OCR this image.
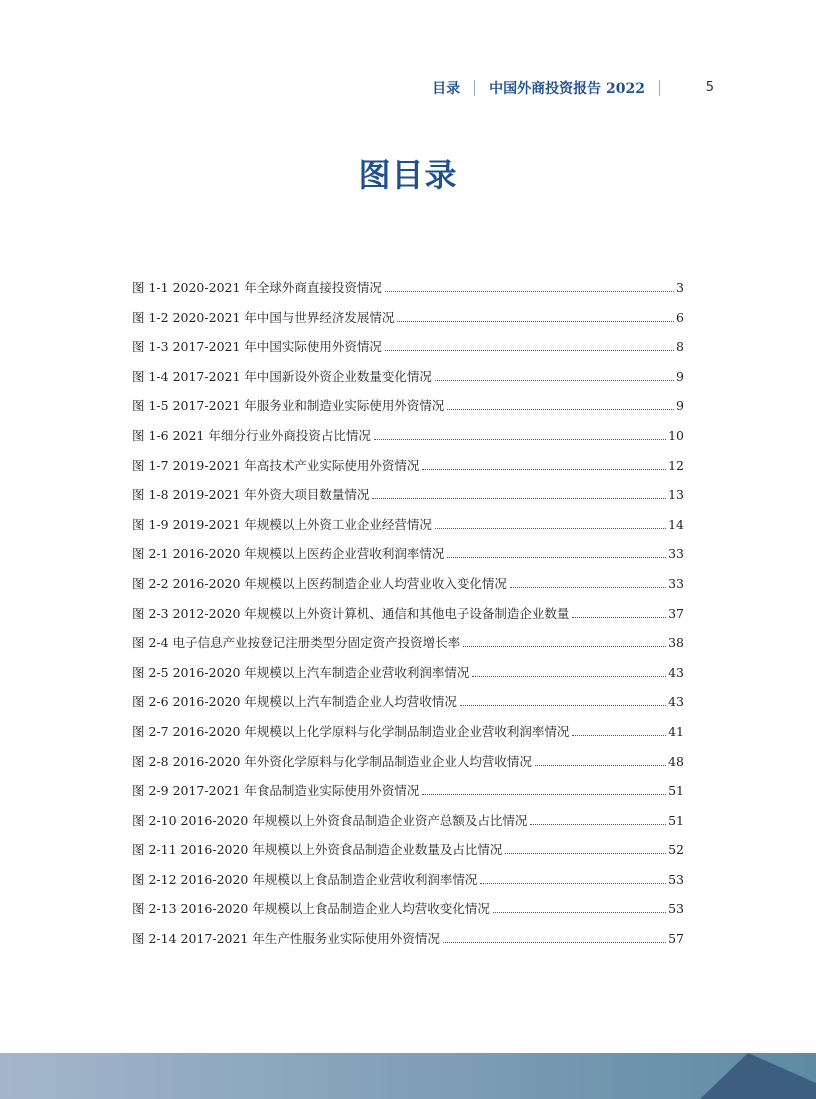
目录 中国外商投资报告 2022	5
图目录
图 1-1 2020-2021 年全球外商直接投资情况	3
图 1-2 2020-2021 年中国与世界经济发展情况	6
图 1-3 2017-2021 年中国实际使用外资情况	8
图 1-4 2017-2021 年中国新设外资企业数量变化情况	9
图 1-5 2017-2021 年服务业和制造业实际使用外资情况	9
图 1-6 2021 年细分行业外商投资占比情况	10
图 1-7 2019-2021 年高技术产业实际使用外资情况	12
图 1-8 2019-2021 年外资大项目数量情况	13
图 1-9 2019-2021 年规模以上外资工业企业经营情况	14
图 2-1 2016-2020 年规模以上医药企业营收利润率情况	33
图 2-2 2016-2020 年规模以上医药制造企业人均营业收入变化情况	33
图 2-3 2012-2020 年规模以上外资计算机、通信和其他电子设备制造企业数量	37
图 2-4 电子信息产业按登记注册类型分固定资产投资增长率	38
图 2-5 2016-2020 年规模以上汽车制造企业营收利润率情况	43
图 2-6 2016-2020 年规模以上汽车制造企业人均营收情况	43
图 2-7 2016-2020 年规模以上化学原料与化学制品制造业企业营收利润率情况	41
图 2-8 2016-2020 年外资化学原料与化学制品制造业企业人均营收情况	48
图 2-9 2017-2021 年食品制造业实际使用外资情况	51
图 2-10 2016-2020 年规模以上外资食品制造企业资产总额及占比情况	51
图 2-11 2016-2020 年规模以上外资食品制造企业数量及占比情况	52
图 2-12 2016-2020 年规模以上食品制造企业营收利润率情况	53
图 2-13 2016-2020 年规模以上食品制造企业人均营收变化情况	53
图 2-14 2017-2021 年生产性服务业实际使用外资情况	57
